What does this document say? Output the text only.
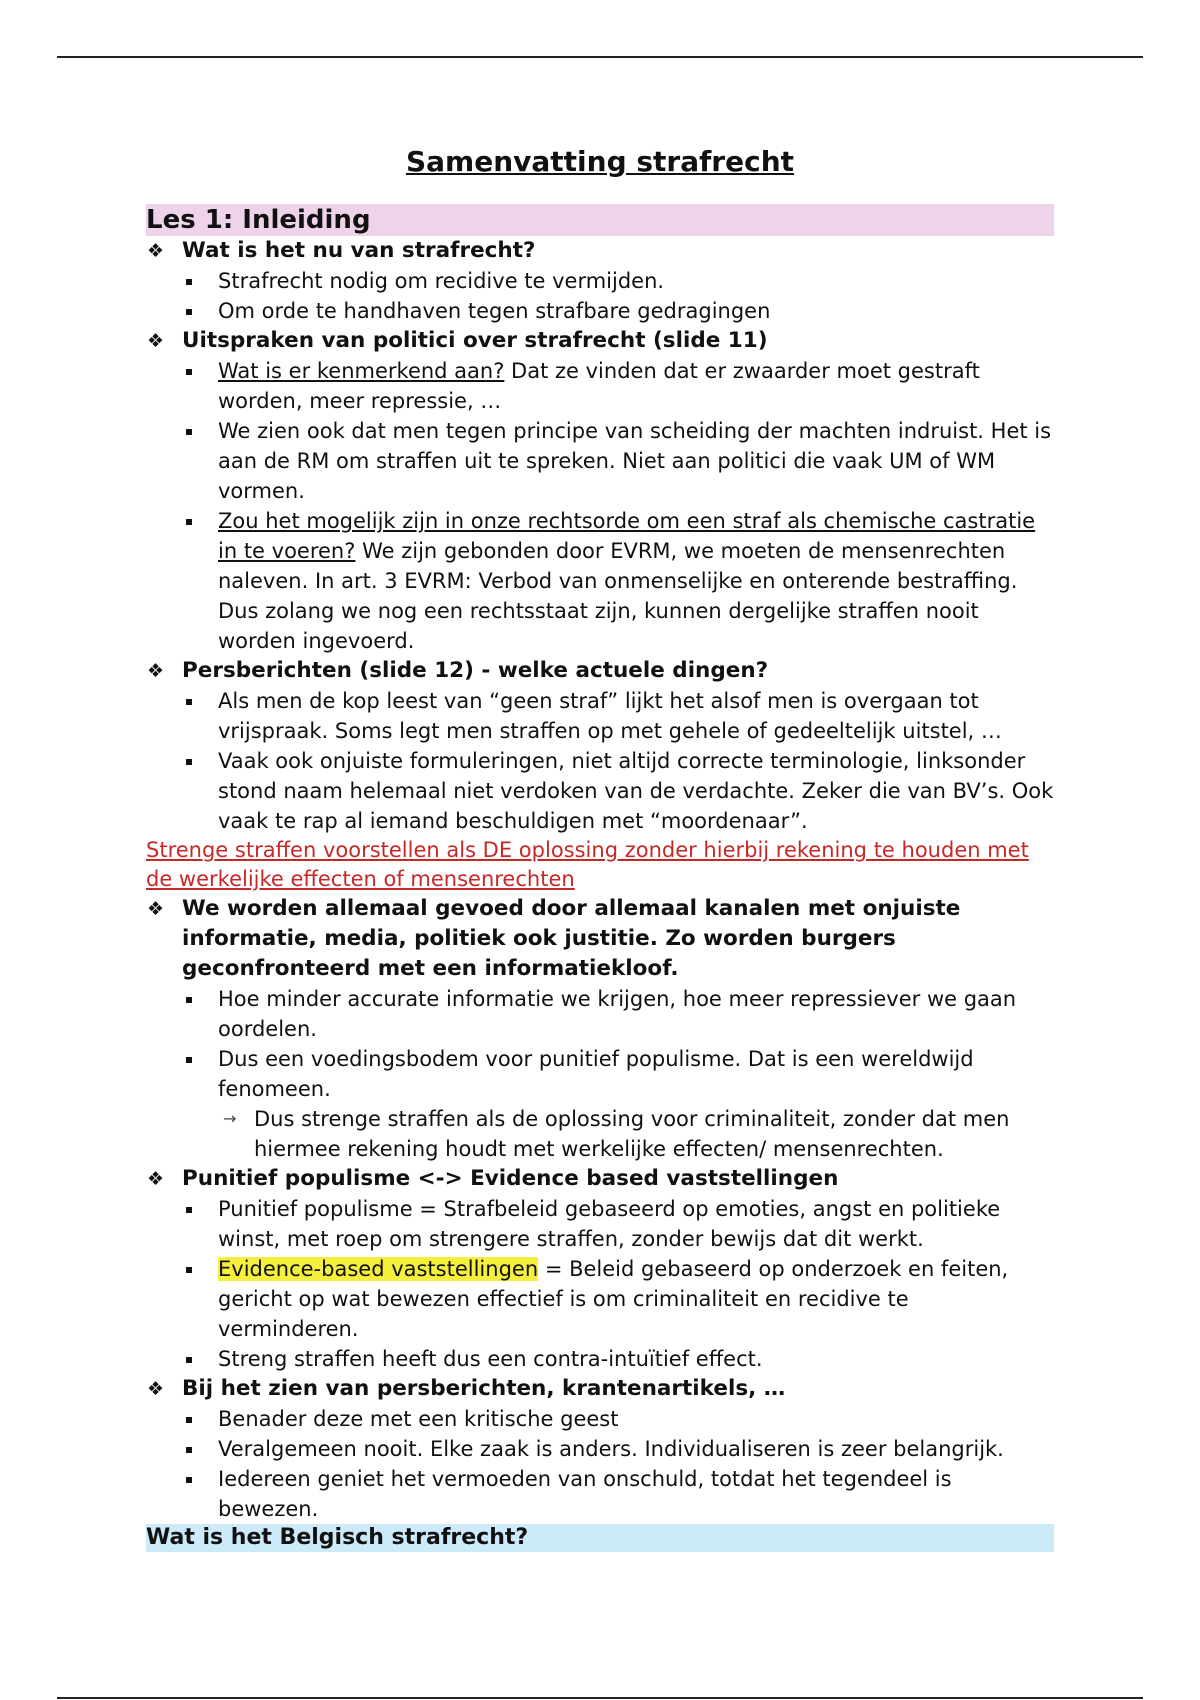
Samenvatting strafrecht
Les 1: Inleiding

❖ Wat is het nu van strafrecht?

Strafrecht nodig om recidive te vermijden.

Om orde te handhaven tegen strafbare gedragingen

❖ Uitspraken van politici over strafrecht (slide 11)

Wat is er kenmerkend aan? Dat ze vinden dat er zwaarder moet gestraft worden, meer repressie, …

We zien ook dat men tegen principe van scheiding der machten indruist. Het is aan de RM om straffen uit te spreken. Niet aan politici die vaak UM of WM vormen.

Zou het mogelijk zijn in onze rechtsorde om een straf als chemische castratie in te voeren? We zijn gebonden door EVRM, we moeten de mensenrechten naleven. In art. 3 EVRM: Verbod van onmenselijke en onterende bestraffing. Dus zolang we nog een rechtsstaat zijn, kunnen dergelijke straffen nooit worden ingevoerd.

❖ Persberichten (slide 12) - welke actuele dingen?

Als men de kop leest van “geen straf” lijkt het alsof men is overgaan tot vrijspraak. Soms legt men straffen op met gehele of gedeeltelijk uitstel, …

Vaak ook onjuiste formuleringen, niet altijd correcte terminologie, linksonder stond naam helemaal niet verdoken van de verdachte. Zeker die van BV’s. Ook vaak te rap al iemand beschuldigen met “moordenaar”.

Strenge straffen voorstellen als DE oplossing zonder hierbij rekening te houden met de werkelijke effecten of mensenrechten

❖ We worden allemaal gevoed door allemaal kanalen met onjuiste informatie, media, politiek ook justitie. Zo worden burgers geconfronteerd met een informatiekloof.

Hoe minder accurate informatie we krijgen, hoe meer repressiever we gaan oordelen.

Dus een voedingsbodem voor punitief populisme. Dat is een wereldwijd fenomeen.

→ Dus strenge straffen als de oplossing voor criminaliteit, zonder dat men hiermee rekening houdt met werkelijke effecten/ mensenrechten.

❖ Punitief populisme <-> Evidence based vaststellingen

Punitief populisme = Strafbeleid gebaseerd op emoties, angst en politieke winst, met roep om strengere straffen, zonder bewijs dat dit werkt.

Evidence-based vaststellingen = Beleid gebaseerd op onderzoek en feiten, gericht op wat bewezen effectief is om criminaliteit en recidive te verminderen.

Streng straffen heeft dus een contra-intuïtief effect.

❖ Bij het zien van persberichten, krantenartikels, …

Benader deze met een kritische geest

Veralgemeen nooit. Elke zaak is anders. Individualiseren is zeer belangrijk.

Iedereen geniet het vermoeden van onschuld, totdat het tegendeel is bewezen.

Wat is het Belgisch strafrecht?
